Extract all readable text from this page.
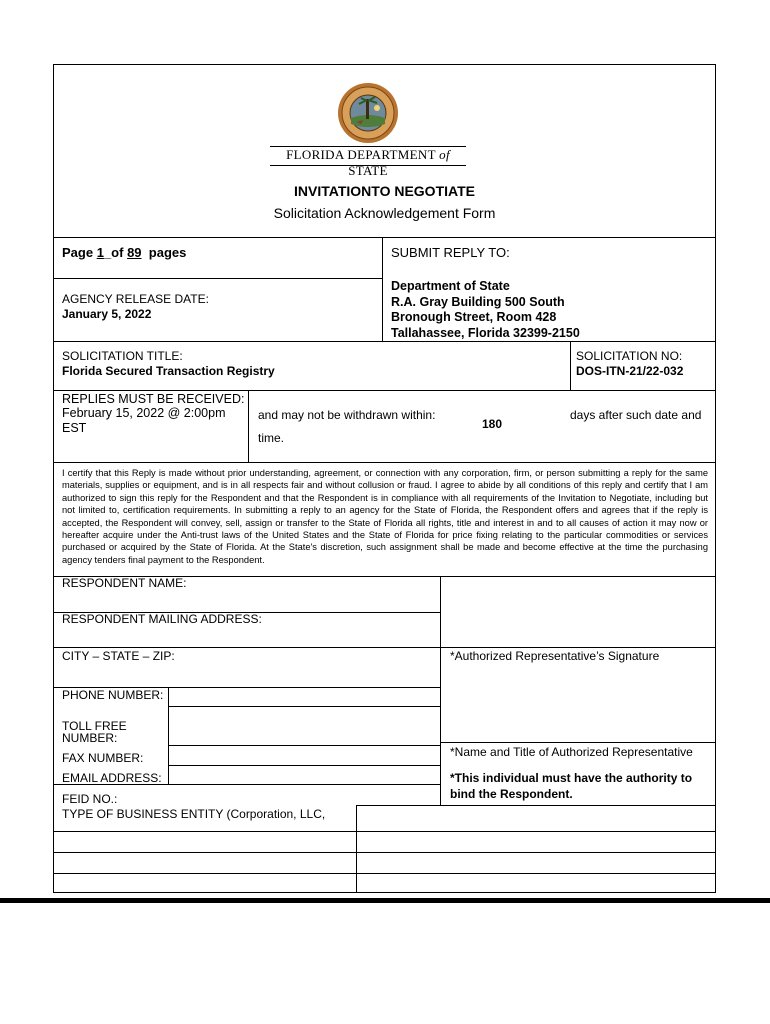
FLORIDA DEPARTMENT of STATE
INVITATIONTO NEGOTIATE
Solicitation Acknowledgement Form
Page 1_of 89 pages	SUBMIT REPLY TO:
Department of State
R.A. Gray Building 500 South
Bronough Street, Room 428
Tallahassee, Florida 32399-2150
AGENCY RELEASE DATE:
January 5, 2022
SOLICITATION TITLE:
Florida Secured Transaction Registry
SOLICITATION NO:
DOS-ITN-21/22-032
REPLIES MUST BE RECEIVED:
February 15, 2022 @ 2:00pm
EST
and may not be withdrawn within:
180
days after such date and
time.
I certify that this Reply is made without prior understanding, agreement, or connection with any corporation, firm, or person submitting a reply for the same materials, supplies or equipment, and is in all respects fair and without collusion or fraud. I agree to abide by all conditions of this reply and certify that I am authorized to sign this reply for the Respondent and that the Respondent is in compliance with all requirements of the Invitation to Negotiate, including but not limited to, certification requirements. In submitting a reply to an agency for the State of Florida, the Respondent offers and agrees that if the reply is accepted, the Respondent will convey, sell, assign or transfer to the State of Florida all rights, title and interest in and to all causes of action it may now or hereafter acquire under the Anti-trust laws of the United States and the State of Florida for price fixing relating to the particular commodities or services purchased or acquired by the State of Florida. At the State's discretion, such assignment shall be made and become effective at the time the purchasing agency tenders final payment to the Respondent.
RESPONDENT NAME:
RESPONDENT MAILING ADDRESS:
CITY – STATE – ZIP:
PHONE NUMBER:
TOLL FREE
NUMBER:
FAX NUMBER:
EMAIL ADDRESS:
FEID NO.:
TYPE OF BUSINESS ENTITY (Corporation, LLC,
*Authorized Representative’s Signature
*Name and Title of Authorized Representative
*This individual must have the authority to
bind the Respondent.
